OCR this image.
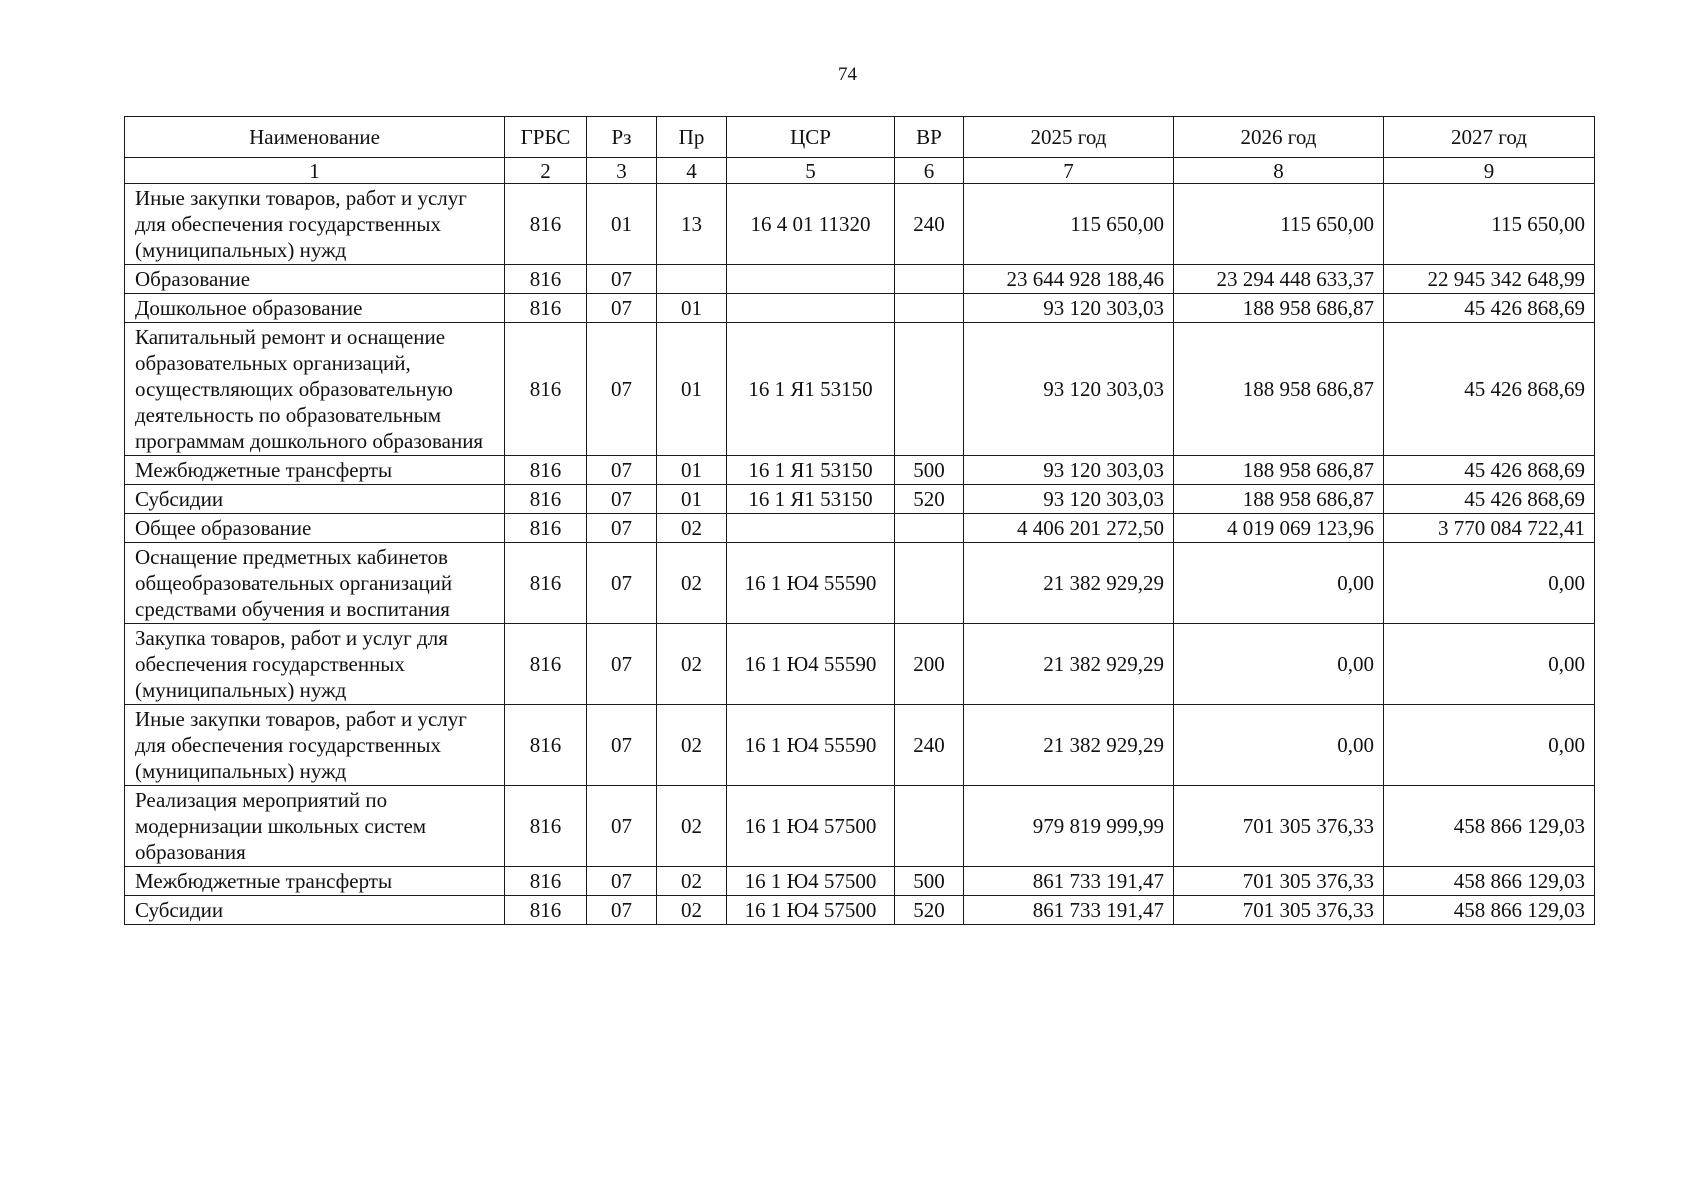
74
Наименование	ГРБС	Рз	Пр	ЦСР	ВР	2025 год	2026 год	2027 год
1	2	3	4	5	6	7	8	9
Иные закупки товаров, работ и услуг для обеспечения государственных (муниципальных) нужд	816	01	13	16 4 01 11320	240	115 650,00	115 650,00	115 650,00
Образование	816	07				23 644 928 188,46	23 294 448 633,37	22 945 342 648,99
Дошкольное образование	816	07	01			93 120 303,03	188 958 686,87	45 426 868,69
Капитальный ремонт и оснащение образовательных организаций, осуществляющих образовательную деятельность по образовательным программам дошкольного образования	816	07	01	16 1 Я1 53150		93 120 303,03	188 958 686,87	45 426 868,69
Межбюджетные трансферты	816	07	01	16 1 Я1 53150	500	93 120 303,03	188 958 686,87	45 426 868,69
Субсидии	816	07	01	16 1 Я1 53150	520	93 120 303,03	188 958 686,87	45 426 868,69
Общее образование	816	07	02			4 406 201 272,50	4 019 069 123,96	3 770 084 722,41
Оснащение предметных кабинетов общеобразовательных организаций средствами обучения и воспитания	816	07	02	16 1 Ю4 55590		21 382 929,29	0,00	0,00
Закупка товаров, работ и услуг для обеспечения государственных (муниципальных) нужд	816	07	02	16 1 Ю4 55590	200	21 382 929,29	0,00	0,00
Иные закупки товаров, работ и услуг для обеспечения государственных (муниципальных) нужд	816	07	02	16 1 Ю4 55590	240	21 382 929,29	0,00	0,00
Реализация мероприятий по модернизации школьных систем образования	816	07	02	16 1 Ю4 57500		979 819 999,99	701 305 376,33	458 866 129,03
Межбюджетные трансферты	816	07	02	16 1 Ю4 57500	500	861 733 191,47	701 305 376,33	458 866 129,03
Субсидии	816	07	02	16 1 Ю4 57500	520	861 733 191,47	701 305 376,33	458 866 129,03
